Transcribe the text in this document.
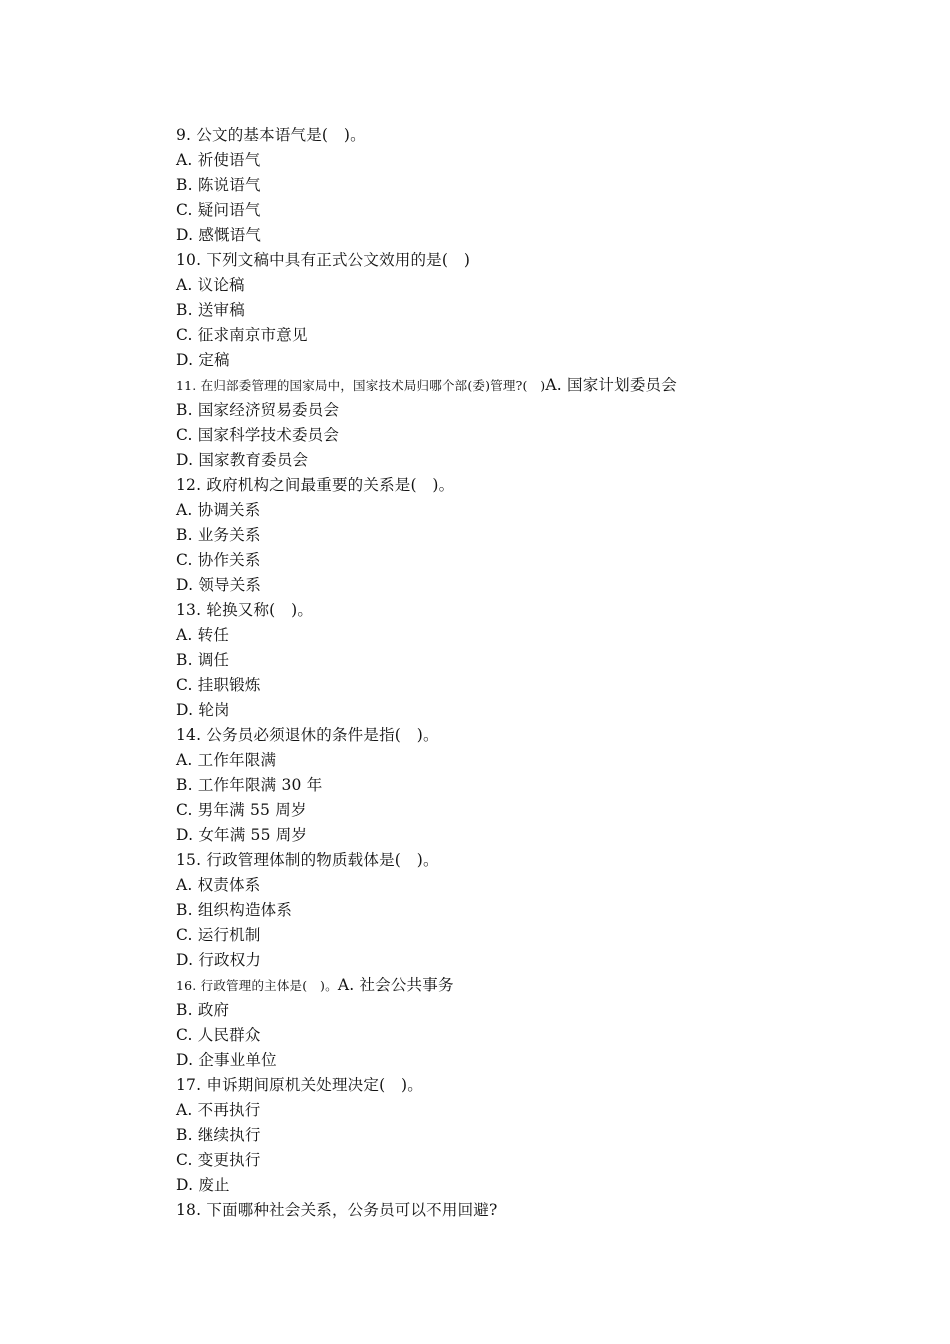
9. 公文的基本语气是(　)。
A. 祈使语气
B. 陈说语气
C. 疑问语气
D. 感慨语气
10. 下列文稿中具有正式公文效用的是(　)
A. 议论稿
B. 送审稿
C. 征求南京市意见
D. 定稿
11. 在归部委管理的国家局中，国家技术局归哪个部(委)管理?(　)A. 国家计划委员会
B. 国家经济贸易委员会
C. 国家科学技术委员会
D. 国家教育委员会
12. 政府机构之间最重要的关系是(　)。
A. 协调关系
B. 业务关系
C. 协作关系
D. 领导关系
13. 轮换又称(　)。
A. 转任
B. 调任
C. 挂职锻炼
D. 轮岗
14. 公务员必须退休的条件是指(　)。
A. 工作年限满
B. 工作年限满 30 年
C. 男年满 55 周岁
D. 女年满 55 周岁
15. 行政管理体制的物质载体是(　)。
A. 权责体系
B. 组织构造体系
C. 运行机制
D. 行政权力
16. 行政管理的主体是(　)。A. 社会公共事务
B. 政府
C. 人民群众
D. 企事业单位
17. 申诉期间原机关处理决定(　)。
A. 不再执行
B. 继续执行
C. 变更执行
D. 废止
18. 下面哪种社会关系，公务员可以不用回避?
